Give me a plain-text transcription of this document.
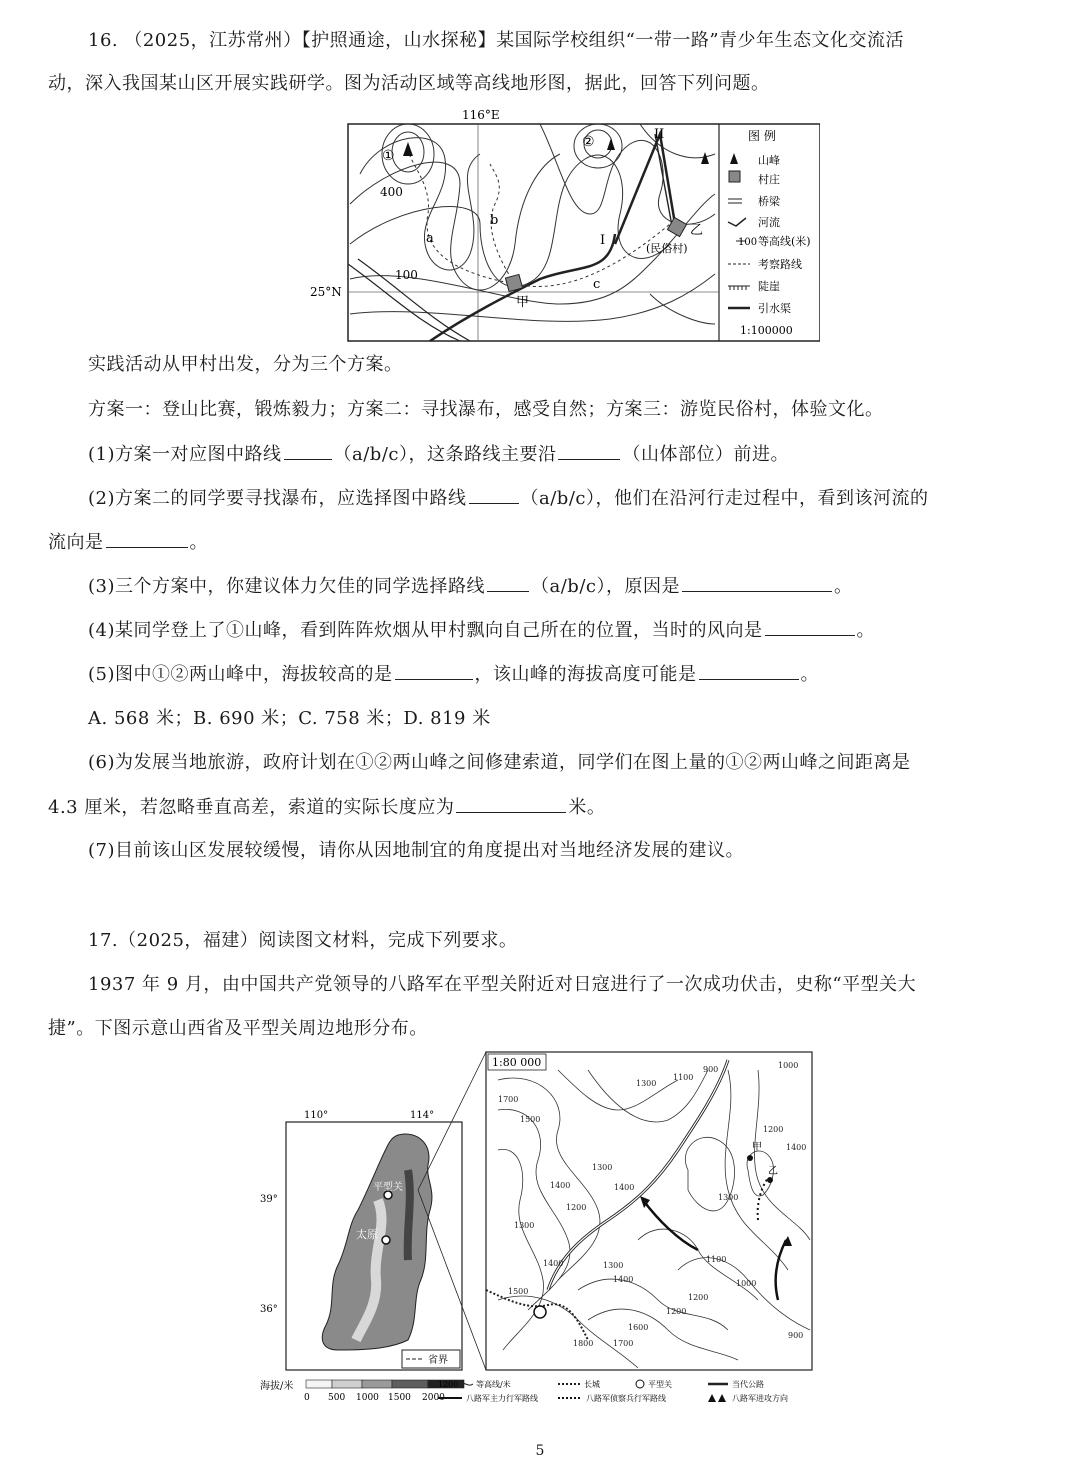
16. （2025，江苏常州）【护照通途，山水探秘】某国际学校组织“一带一路”青少年生态文化交流活
动，深入我国某山区开展实践研学。图为活动区域等高线地形图，据此，回答下列问题。
116°E
25°N
①
②
400
100
a
b
c
I
II
甲
乙
(民俗村)
图 例
山峰
村庄
桥梁
河流
100 等高线(米)
考察路线
陡崖
引水渠
1:100000
实践活动从甲村出发，分为三个方案。
方案一：登山比赛，锻炼毅力；方案二：寻找瀑布，感受自然；方案三：游览民俗村，体验文化。
(1)方案一对应图中路线	（a/b/c），这条路线主要沿	（山体部位）前进。
(2)方案二的同学要寻找瀑布，应选择图中路线	（a/b/c），他们在沿河行走过程中，看到该河流的
流向是	。
(3)三个方案中，你建议体力欠佳的同学选择路线	（a/b/c），原因是	。
(4)某同学登上了①山峰，看到阵阵炊烟从甲村飘向自己所在的位置，当时的风向是	。
(5)图中①②两山峰中，海拔较高的是	，该山峰的海拔高度可能是	。
A. 568 米；B. 690 米；C. 758 米；D. 819 米
(6)为发展当地旅游，政府计划在①②两山峰之间修建索道，同学们在图上量的①②两山峰之间距离是
4.3 厘米，若忽略垂直高差，索道的实际长度应为	米。
(7)目前该山区发展较缓慢，请你从因地制宜的角度提出对当地经济发展的建议。
17.（2025，福建）阅读图文材料，完成下列要求。
1937 年 9 月，由中国共产党领导的八路军在平型关附近对日寇进行了一次成功伏击，史称“平型关大
捷”。下图示意山西省及平型关周边地形分布。
110°	114°
39°
36°
平型关
太原
省界
海拔/米
0 500 1000 1500 2000
1:80 000
甲
乙
1300
1100
900	1000
1200
1400
1700
1500
1400
1300
1200
1400	1300
1400
1500
1300
1200
1100
1000
1600
1700
1800
1200
1400
1300
900
1200 等高线/米	长城	平型关	当代公路
八路军主力行军路线	八路军侦察兵行军路线	八路军进攻方向
5
